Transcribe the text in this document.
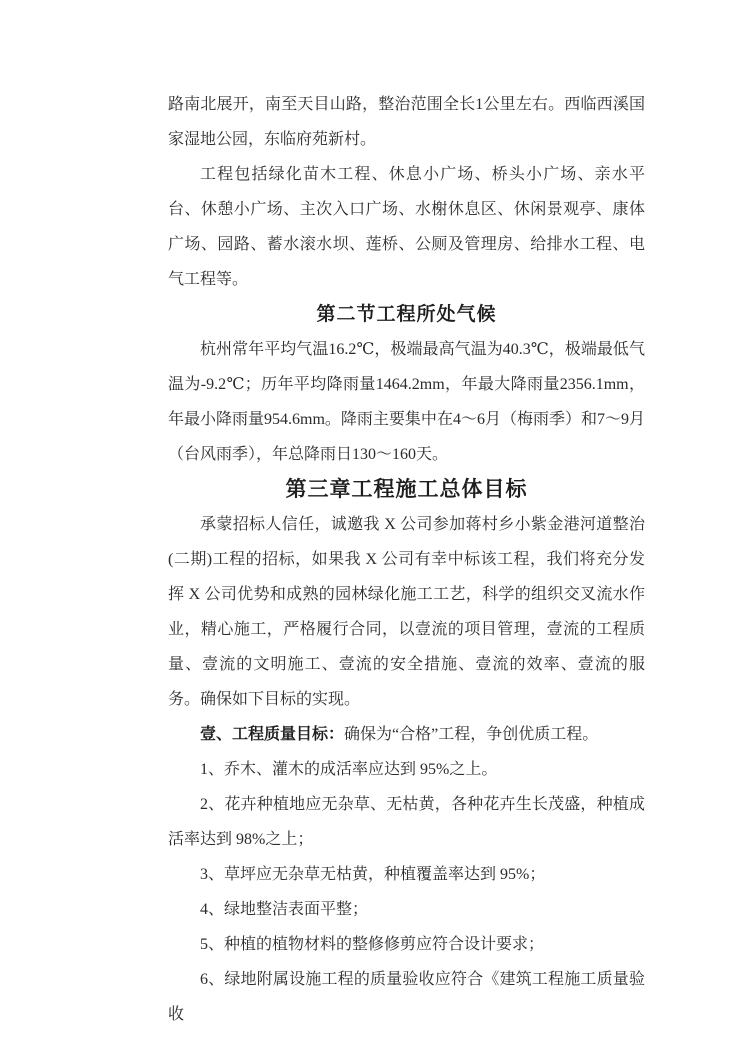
路南北展开，南至天目山路，整治范围全长1公里左右。西临西溪国家湿地公园，东临府苑新村。

工程包括绿化苗木工程、休息小广场、桥头小广场、亲水平台、休憩小广场、主次入口广场、水榭休息区、休闲景观亭、康体广场、园路、蓄水滚水坝、莲桥、公厕及管理房、给排水工程、电气工程等。

第二节工程所处气候

杭州常年平均气温16.2℃，极端最高气温为40.3℃，极端最低气温为-9.2℃；历年平均降雨量1464.2mm，年最大降雨量2356.1mm，年最小降雨量954.6mm。降雨主要集中在4～6月（梅雨季）和7～9月（台风雨季），年总降雨日130～160天。

第三章工程施工总体目标

承蒙招标人信任，诚邀我 X 公司参加蒋村乡小紫金港河道整治(二期)工程的招标，如果我 X 公司有幸中标该工程，我们将充分发挥 X 公司优势和成熟的园林绿化施工工艺，科学的组织交叉流水作业，精心施工，严格履行合同，以壹流的项目管理，壹流的工程质量、壹流的文明施工、壹流的安全措施、壹流的效率、壹流的服务。确保如下目标的实现。

壹、工程质量目标：确保为“合格”工程，争创优质工程。

1、乔木、灌木的成活率应达到 95%之上。

2、花卉种植地应无杂草、无枯黄，各种花卉生长茂盛，种植成活率达到 98%之上；

3、草坪应无杂草无枯黄，种植覆盖率达到 95%；

4、绿地整洁表面平整；

5、种植的植物材料的整修修剪应符合设计要求；

6、绿地附属设施工程的质量验收应符合《建筑工程施工质量验收
